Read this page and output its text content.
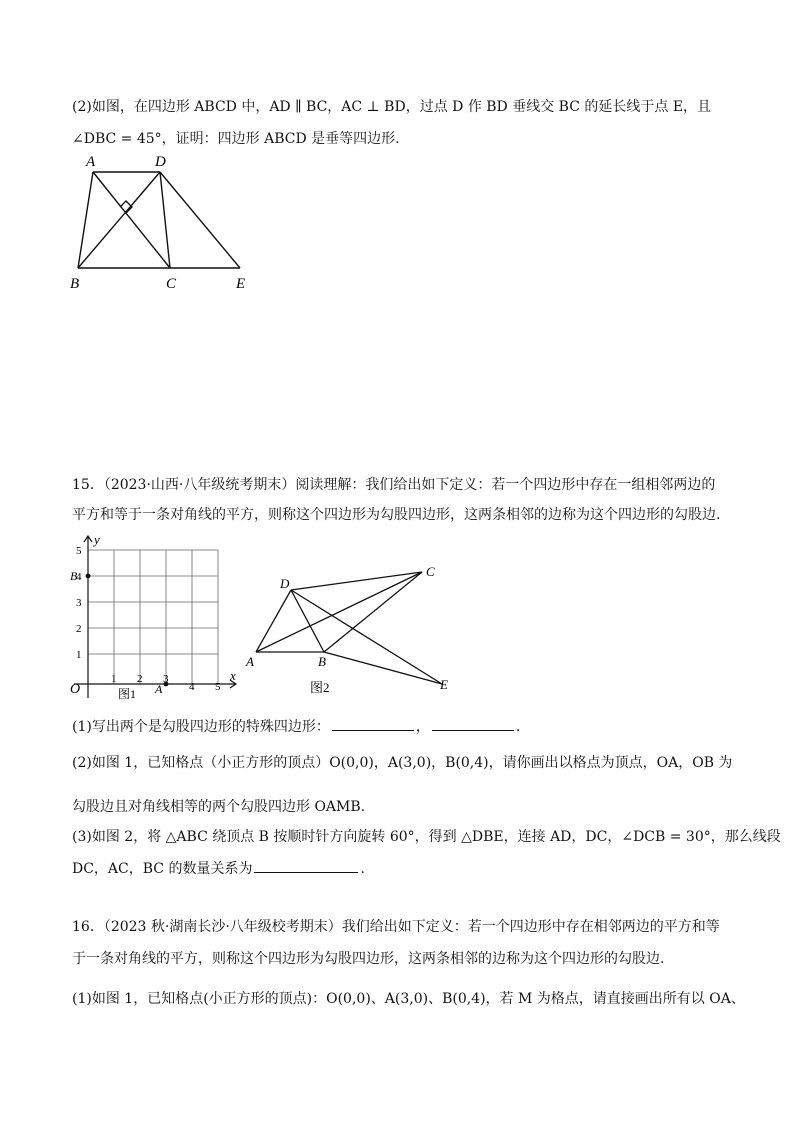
(2)如图，在四边形 ABCD 中，AD ∥ BC，AC ⊥ BD，过点 D 作 BD 垂线交 BC 的延长线于点 E，且
∠DBC = 45°，证明：四边形 ABCD 是垂等四边形.
A	D
B	C	E
15．（2023·山西·八年级统考期末）阅读理解：我们给出如下定义：若一个四边形中存在一组相邻两边的
平方和等于一条对角线的平方，则称这个四边形为勾股四边形，这两条相邻的边称为这个四边形的勾股边.
y
x
O
1
2
3
4
5
B
1 2
A
3
4 5
图1
D
C
A	B
E
图2
(1)写出两个是勾股四边形的特殊四边形：	，	.
(2)如图 1，已知格点（小正方形的顶点）O(0,0)，A(3,0)，B(0,4)，请你画出以格点为顶点，OA，OB 为
勾股边且对角线相等的两个勾股四边形 OAMB.
(3)如图 2，将 △ABC 绕顶点 B 按顺时针方向旋转 60°，得到 △DBE，连接 AD，DC，∠DCB = 30°，那么线段
DC，AC，BC 的数量关系为	.
16．（2023 秋·湖南长沙·八年级校考期末）我们给出如下定义：若一个四边形中存在相邻两边的平方和等
于一条对角线的平方，则称这个四边形为勾股四边形，这两条相邻的边称为这个四边形的勾股边.
(1)如图 1，已知格点(小正方形的顶点)：O(0,0)、A(3,0)、B(0,4)，若 M 为格点，请直接画出所有以 OA、
